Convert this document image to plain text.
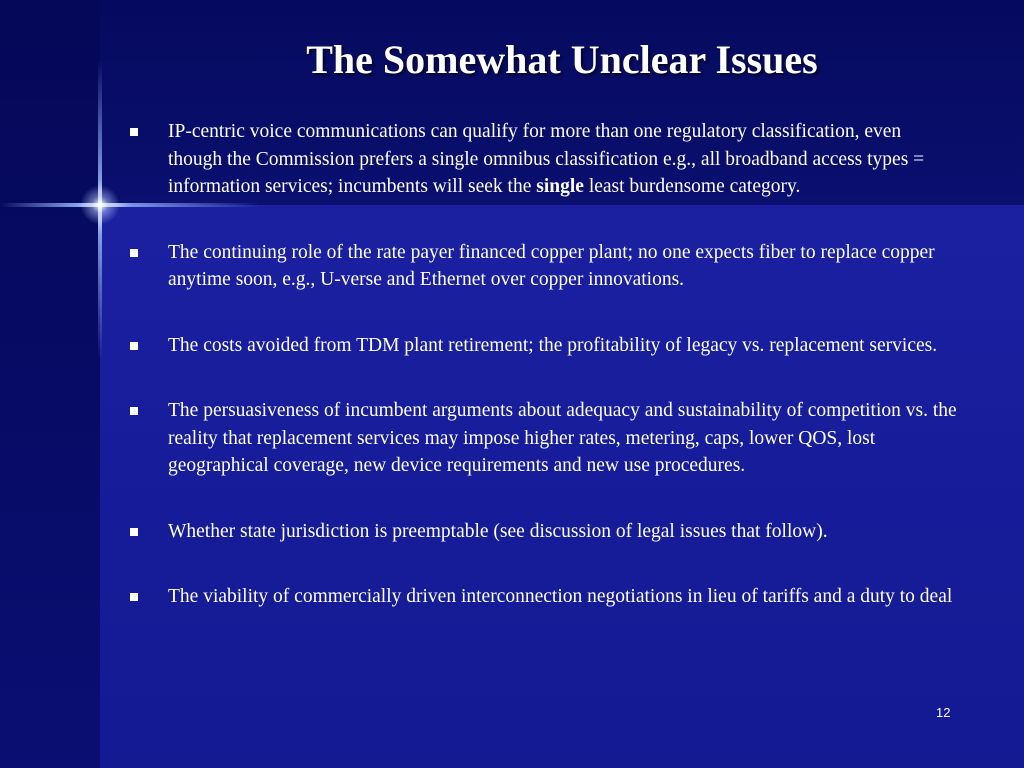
The Somewhat Unclear Issues
IP-centric voice communications can qualify for more than one regulatory classification, even though the Commission prefers a single omnibus classification e.g., all broadband access types = information services; incumbents will seek the single least burdensome category.
The continuing role of the rate payer financed copper plant; no one expects fiber to replace copper anytime soon, e.g., U-verse and Ethernet over copper innovations.
The costs avoided from TDM plant retirement; the profitability of legacy vs. replacement services.
The persuasiveness of incumbent arguments about adequacy and sustainability of competition vs. the reality that replacement services may impose higher rates, metering, caps, lower QOS, lost geographical coverage, new device requirements and new use procedures.
Whether state jurisdiction is preemptable (see discussion of legal issues that follow).
The viability of commercially driven interconnection negotiations in lieu of tariffs and a duty to deal
12
